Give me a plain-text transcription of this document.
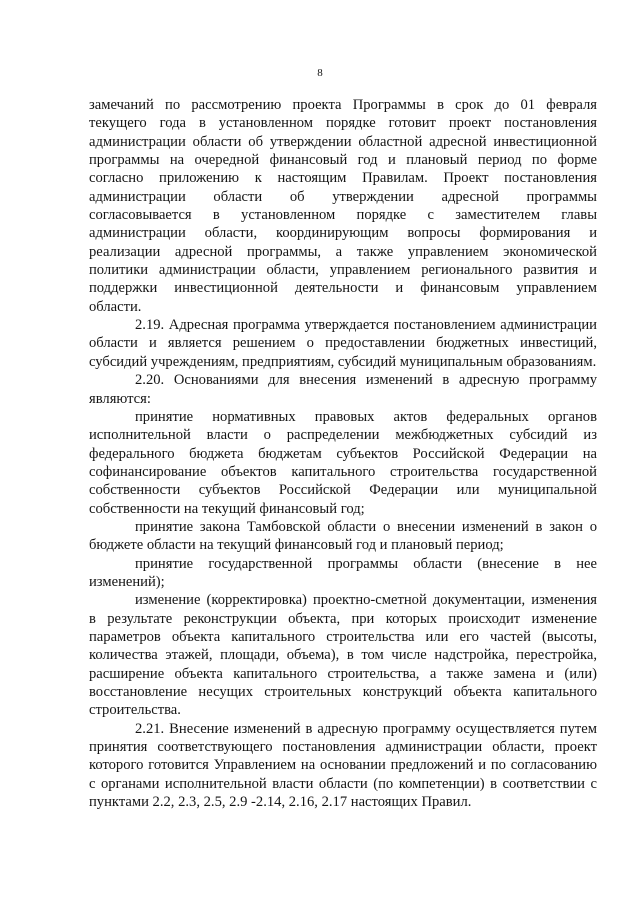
8

замечаний по рассмотрению проекта Программы в срок до 01 февраля

текущего года в установленном порядке готовит проект постановления

администрации области об утверждении областной адресной инвестиционной

программы на очередной финансовый год и плановый период по форме

согласно приложению к настоящим Правилам. Проект постановления

администрации области об утверждении адресной программы

согласовывается в установленном порядке с заместителем главы

администрации области, координирующим вопросы формирования и

реализации адресной программы, а также управлением экономической

политики администрации области, управлением регионального развития и

поддержки инвестиционной деятельности и финансовым управлением

области.

2.19. Адресная программа утверждается постановлением администрации области и является решением о предоставлении бюджетных инвестиций, субсидий учреждениям, предприятиям, субсидий муниципальным образованиям.

2.20. Основаниями для внесения изменений в адресную программу являются:

принятие нормативных правовых актов федеральных органов исполнительной власти о распределении межбюджетных субсидий из федерального бюджета бюджетам субъектов Российской Федерации на софинансирование объектов капитального строительства государственной собственности субъектов Российской Федерации или муниципальной собственности на текущий финансовый год;

принятие закона Тамбовской области о внесении изменений в закон о бюджете области на текущий финансовый год и плановый период;

принятие государственной программы области (внесение в нее изменений);

изменение (корректировка) проектно-сметной документации, изменения в результате реконструкции объекта, при которых происходит изменение параметров объекта капитального строительства или его частей (высоты, количества этажей, площади, объема), в том числе надстройка, перестройка, расширение объекта капитального строительства, а также замена и (или) восстановление несущих строительных конструкций объекта капитального строительства.

2.21. Внесение изменений в адресную программу осуществляется путем принятия соответствующего постановления администрации области, проект которого готовится Управлением на основании предложений и по согласованию с органами исполнительной власти области (по компетенции) в соответствии с пунктами 2.2, 2.3, 2.5, 2.9 -2.14, 2.16, 2.17 настоящих Правил.
